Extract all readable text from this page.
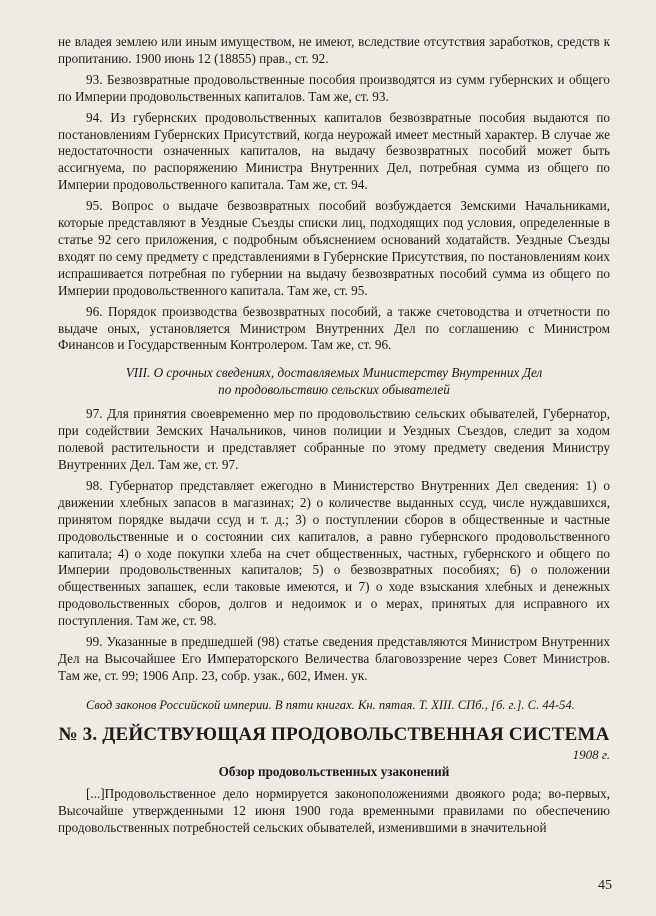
не владея землею или иным имуществом, не имеют, вследствие отсутствия заработков, средств к пропитанию. 1900 июнь 12 (18855) прав., ст. 92.

93. Безвозвратные продовольственные пособия производятся из сумм губернских и общего по Империи продовольственных капиталов. Там же, ст. 93.

94. Из губернских продовольственных капиталов безвозвратные пособия выдаются по постановлениям Губернских Присутствий, когда неурожай имеет местный характер. В случае же недостаточности означенных капиталов, на выдачу безвозвратных пособий может быть ассигнуема, по распоряжению Министра Внутренних Дел, потребная сумма из общего по Империи продовольственного капитала. Там же, ст. 94.

95. Вопрос о выдаче безвозвратных пособий возбуждается Земскими Начальниками, которые представляют в Уездные Съезды списки лиц, подходящих под условия, определенные в статье 92 сего приложения, с подробным объяснением оснований ходатайств. Уездные Съезды входят по сему предмету с представлениями в Губернские Присутствия, по постановлениям коих испрашивается потребная по губернии на выдачу безвозвратных пособий сумма из общего по Империи продовольственного капитала. Там же, ст. 95.

96. Порядок производства безвозвратных пособий, а также счетоводства и отчетности по выдаче оных, установляется Министром Внутренних Дел по соглашению с Министром Финансов и Государственным Контролером. Там же, ст. 96.

VIII. О срочных сведениях, доставляемых Министерству Внутренних Дел
по продовольствию сельских обывателей

97. Для принятия своевременно мер по продовольствию сельских обывателей, Губернатор, при содействии Земских Начальников, чинов полиции и Уездных Съездов, следит за ходом полевой растительности и представляет собранные по этому предмету сведения Министру Внутренних Дел. Там же, ст. 97.

98. Губернатор представляет ежегодно в Министерство Внутренних Дел сведения: 1) о движении хлебных запасов в магазинах; 2) о количестве выданных ссуд, числе нуждавшихся, принятом порядке выдачи ссуд и т. д.; 3) о поступлении сборов в общественные и частные продовольственные и о состоянии сих капиталов, а равно губернского продовольственного капитала; 4) о ходе покупки хлеба на счет общественных, частных, губернского и общего по Империи продовольственных капиталов; 5) о безвозвратных пособиях; 6) о положении общественных запашек, если таковые имеются, и 7) о ходе взыскания хлебных и денежных продовольственных сборов, долгов и недоимок и о мерах, принятых для исправного их поступления. Там же, ст. 98.

99. Указанные в предшедшей (98) статье сведения представляются Министром Внутренних Дел на Высочайшее Его Императорского Величества благовоззрение через Совет Министров. Там же, ст. 99; 1906 Апр. 23, собр. узак., 602, Имен. ук.

Свод законов Российской империи. В пяти книгах. Кн. пятая. Т. XIII. СПб., [б. г.]. С. 44-54.

№ 3. ДЕЙСТВУЮЩАЯ ПРОДОВОЛЬСТВЕННАЯ СИСТЕМА

1908 г.

Обзор продовольственных узаконений

[...]Продовольственное дело нормируется законоположениями двоякого рода; во-первых, Высочайше утвержденными 12 июня 1900 года временными правилами по обеспечению продовольственных потребностей сельских обывателей, изменившими в значительной

45
